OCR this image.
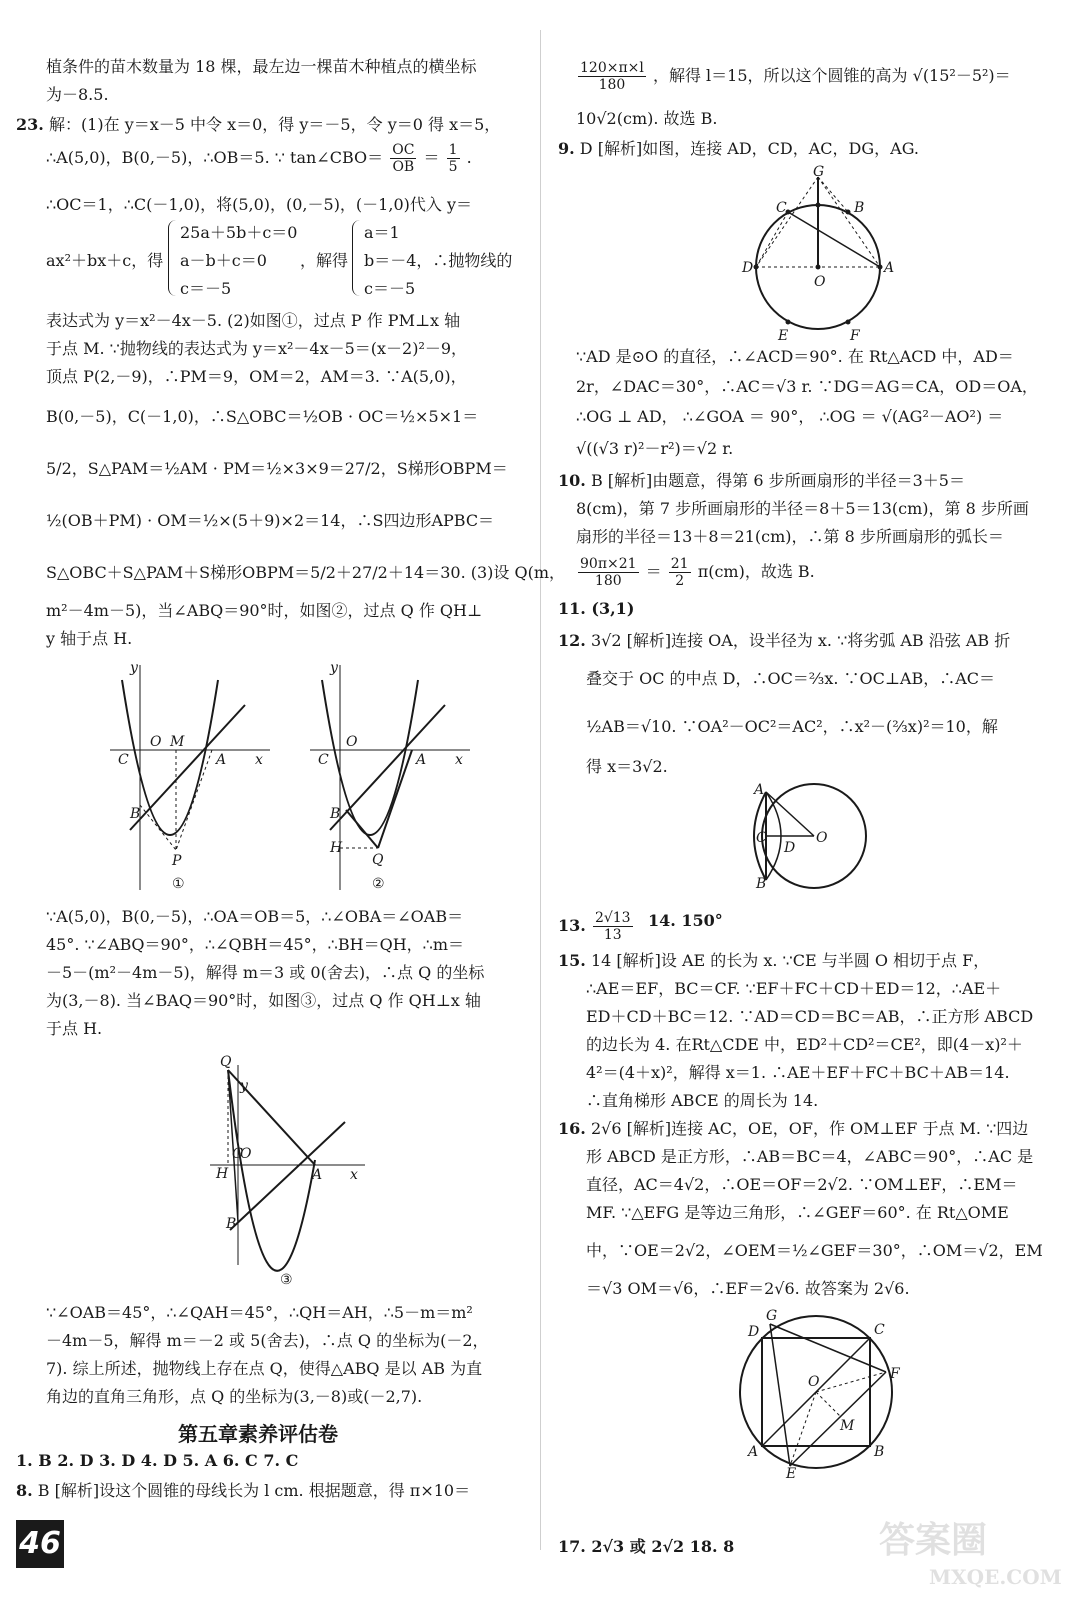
植条件的苗木数量为 18 棵，最左边一棵苗木种植点的横坐标
为－8.5.
23. 解：(1)在 y＝x－5 中令 x＝0，得 y＝－5，令 y＝0 得 x＝5，
∴A(5,0)，B(0,－5)，∴OB＝5. ∵ tan∠CBO＝ $\frac{OC}{OB} = \frac{1}{5}$ .
∴OC＝1，∴C(－1,0)，将(5,0)，(0,－5)，(－1,0)代入 y＝
ax²＋bx＋c，得
25a＋5b＋c＝0
a－b＋c＝0
c＝－5
，解得
a＝1
b＝－4，∴抛物线的
c＝－5
表达式为 y＝x²－4x－5. (2)如图①，过点 P 作 PM⊥x 轴
于点 M. ∵抛物线的表达式为 y＝x²－4x－5＝(x－2)²－9，
顶点 P(2,－9)，∴PM＝9，OM＝2，AM＝3. ∵A(5,0)，
B(0,－5)，C(－1,0)，∴S△OBC＝½OB · OC＝½×5×1＝
5/2，S△PAM＝½AM · PM＝½×3×9＝27/2，S梯形OBPM＝
½(OB＋PM) · OM＝½×(5＋9)×2＝14，∴S四边形APBC＝
S△OBC＋S△PAM＋S梯形OBPM＝5/2＋27/2＋14＝30. (3)设 Q(m，
m²－4m－5)，当∠ABQ＝90°时，如图②，过点 Q 作 QH⊥
y 轴于点 H.
y
x
O M
C	A
B
P
①
y
x
O
C	A
B
H
Q
②
∵A(5,0)，B(0,－5)，∴OA＝OB＝5，∴∠OBA＝∠OAB＝
45°. ∵∠ABQ＝90°，∴∠QBH＝45°，∴BH＝QH，∴m＝
－5－(m²－4m－5)，解得 m＝3 或 0(舍去)，∴点 Q 的坐标
为(3,－8). 当∠BAQ＝90°时，如图③，过点 Q 作 QH⊥x 轴
于点 H.
Q
y
x
O
C
H	A
B
③
∵∠OAB＝45°，∴∠QAH＝45°，∴QH＝AH，∴5－m＝m²
－4m－5，解得 m＝－2 或 5(舍去)，∴点 Q 的坐标为(－2，
7). 综上所述，抛物线上存在点 Q，使得△ABQ 是以 AB 为直
角边的直角三角形，点 Q 的坐标为(3,－8)或(－2,7).
第五章素养评估卷
1. B 2. D 3. D 4. D 5. A 6. C 7. C
8. B [解析]设这个圆锥的母线长为 l cm. 根据题意，得 π×10＝
$\frac{120\times\pi\times l}{180}$ ，解得 l＝15，所以这个圆锥的高为 √(15²－5²)＝
10√2(cm). 故选 B.
9. D [解析]如图，连接 AD，CD，AC，DG，AG.
G
C	B
D	A
O
E	F
∵AD 是⊙O 的直径，∴∠ACD＝90°. 在 Rt△ACD 中，AD＝
2r，∠DAC＝30°，∴AC＝√3 r. ∵DG＝AG＝CA，OD＝OA，
∴OG ⊥ AD， ∴∠GOA ＝ 90°， ∴OG ＝ √(AG²－AO²) ＝
√((√3 r)²－r²)＝√2 r.
10. B [解析]由题意，得第 6 步所画扇形的半径＝3＋5＝
8(cm)，第 7 步所画扇形的半径＝8＋5＝13(cm)，第 8 步所画
扇形的半径＝13＋8＝21(cm)，∴第 8 步所画扇形的弧长＝
$\frac{90\pi\times 21}{180} = \frac{21}{2} \pi(cm)$，故选 B.
11. (3,1)
12. 3√2 [解析]连接 OA，设半径为 x. ∵将劣弧 AB 沿弦 AB 折
叠交于 OC 的中点 D，∴OC＝⅔x. ∵OC⊥AB，∴AC＝
½AB＝√10. ∵OA²－OC²＝AC²，∴x²－(⅔x)²＝10，解
得 x＝3√2.
A
C
D
O
B
13. $\frac{2√13}{13} 14$. 150°
15. 14 [解析]设 AE 的长为 x. ∵CE 与半圆 O 相切于点 F，
∴AE＝EF，BC＝CF. ∵EF＋FC＋CD＋ED＝12，∴AE＋
ED＋CD＋BC＝12. ∵AD＝CD＝BC＝AB，∴正方形 ABCD
的边长为 4. 在Rt△CDE 中，ED²＋CD²＝CE²，即(4－x)²＋
4²＝(4＋x)²，解得 x＝1. ∴AE＋EF＋FC＋BC＋AB＝14.
∴直角梯形 ABCE 的周长为 14.
16. 2√6 [解析]连接 AC，OE，OF，作 OM⊥EF 于点 M. ∵四边
形 ABCD 是正方形，∴AB＝BC＝4，∠ABC＝90°，∴AC 是
直径，AC＝4√2，∴OE＝OF＝2√2. ∵OM⊥EF，∴EM＝
MF. ∵△EFG 是等边三角形，∴∠GEF＝60°. 在 Rt△OME
中，∵OE＝2√2，∠OEM＝½∠GEF＝30°，∴OM＝√2，EM
＝√3 OM＝√6，∴EF＝2√6. 故答案为 2√6.
D
G
C
F
O
M
A	B
E
17. 2√3 或 2√2 18. 8
46	答案圈
MXQE.COM
